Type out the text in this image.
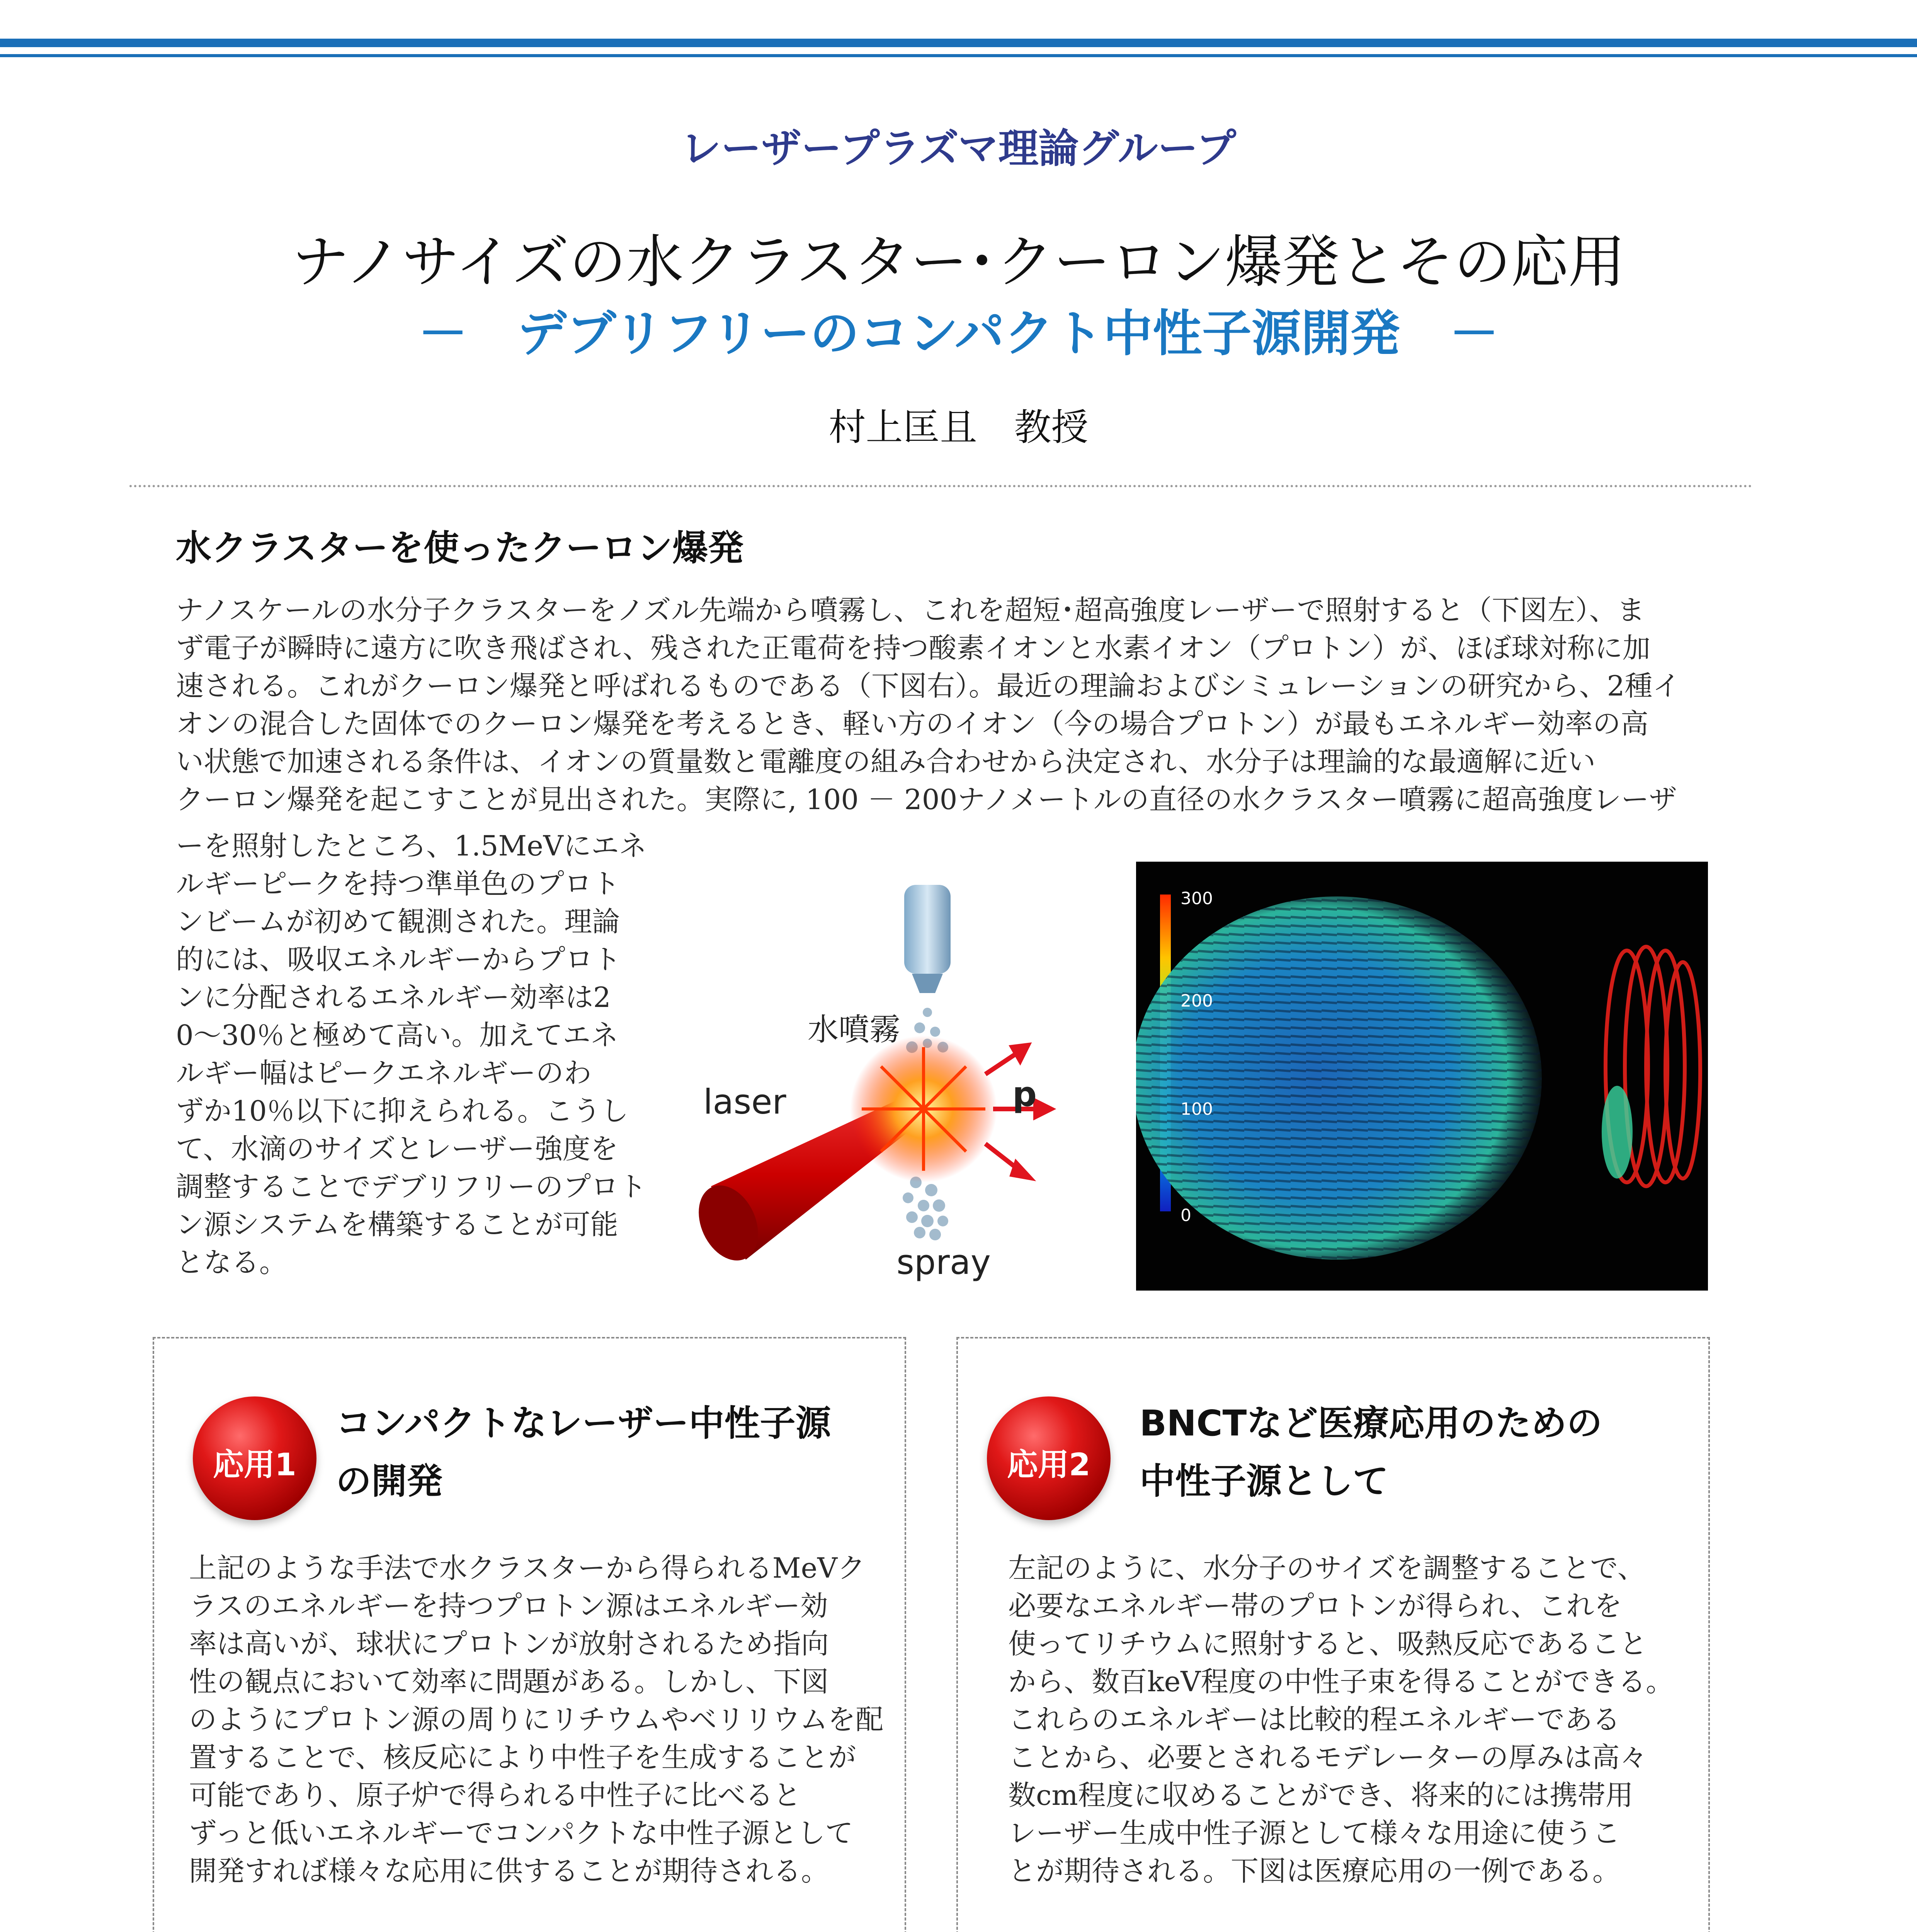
レーザープラズマ理論グループ
ナノサイズの水クラスター･クーロン爆発とその応用
－　デブリフリーのコンパクト中性子源開発　－
村上匡且　教授
水クラスターを使ったクーロン爆発
ナノスケールの水分子クラスターをノズル先端から噴霧し、これを超短･超高強度レーザーで照射すると（下図左）、ま
ず電子が瞬時に遠方に吹き飛ばされ、残された正電荷を持つ酸素イオンと水素イオン（プロトン）が、ほぼ球対称に加
速される。これがクーロン爆発と呼ばれるものである（下図右）。最近の理論およびシミュレーションの研究から、2種イ
オンの混合した固体でのクーロン爆発を考えるとき、軽い方のイオン（今の場合プロトン）が最もエネルギー効率の高
い状態で加速される条件は、イオンの質量数と電離度の組み合わせから決定され、水分子は理論的な最適解に近い
クーロン爆発を起こすことが見出された。実際に, 100 － 200ナノメートルの直径の水クラスター噴霧に超高強度レーザ
ーを照射したところ、1.5MeVにエネ
ルギーピークを持つ準単色のプロト
ンビームが初めて観測された。理論
的には、吸収エネルギーからプロト
ンに分配されるエネルギー効率は2
0～30％と極めて高い。加えてエネ
ルギー幅はピークエネルギーのわ
ずか10％以下に抑えられる。こうし
て、水滴のサイズとレーザー強度を
調整することでデブリフリーのプロト
ン源システムを構築することが可能
となる。
水噴霧
laser	p
spray
300
200
100
0
応用1
コンパクトなレーザー中性子源
の開発
上記のような手法で水クラスターから得られるMeVク
ラスのエネルギーを持つプロトン源はエネルギー効
率は高いが、球状にプロトンが放射されるため指向
性の観点において効率に問題がある。しかし、下図
のようにプロトン源の周りにリチウムやベリリウムを配
置することで、核反応により中性子を生成することが
可能であり、原子炉で得られる中性子に比べると
ずっと低いエネルギーでコンパクトな中性子源として
開発すれば様々な応用に供することが期待される。
応用2
BNCTなど医療応用のための
中性子源として
左記のように、水分子のサイズを調整することで、
必要なエネルギー帯のプロトンが得られ、これを
使ってリチウムに照射すると、吸熱反応であること
から、数百keV程度の中性子束を得ることができる。
これらのエネルギーは比較的程エネルギーである
ことから、必要とされるモデレーターの厚みは高々
数cm程度に収めることができ、将来的には携帯用
レーザー生成中性子源として様々な用途に使うこ
とが期待される。下図は医療応用の一例である。
